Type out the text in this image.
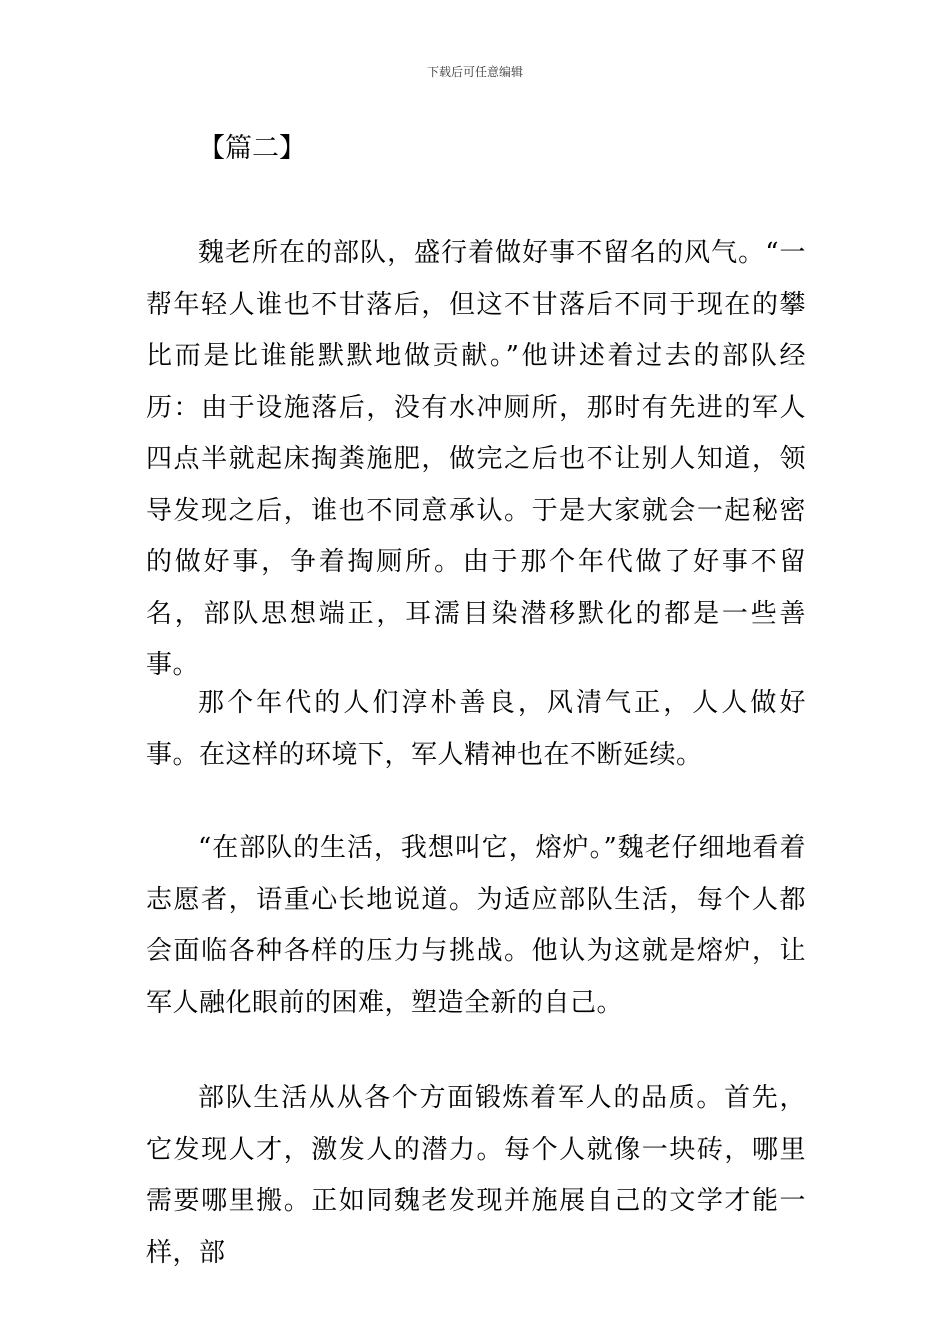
下载后可任意编辑
【篇二】

魏老所在的部队，盛行着做好事不留名的风气。“一帮年轻人谁也不甘落后，但这不甘落后不同于现在的攀比而是比谁能默默地做贡献。”他讲述着过去的部队经历：由于设施落后，没有水冲厕所，那时有先进的军人四点半就起床掏粪施肥，做完之后也不让别人知道，领导发现之后，谁也不同意承认。于是大家就会一起秘密的做好事，争着掏厕所。由于那个年代做了好事不留名，部队思想端正，耳濡目染潜移默化的都是一些善事。

那个年代的人们淳朴善良，风清气正，人人做好事。在这样的环境下，军人精神也在不断延续。

“在部队的生活，我想叫它，熔炉。”魏老仔细地看着志愿者，语重心长地说道。为适应部队生活，每个人都会面临各种各样的压力与挑战。他认为这就是熔炉，让军人融化眼前的困难，塑造全新的自己。

部队生活从从各个方面锻炼着军人的品质。首先，它发现人才，激发人的潜力。每个人就像一块砖，哪里需要哪里搬。正如同魏老发现并施展自己的文学才能一样，部
